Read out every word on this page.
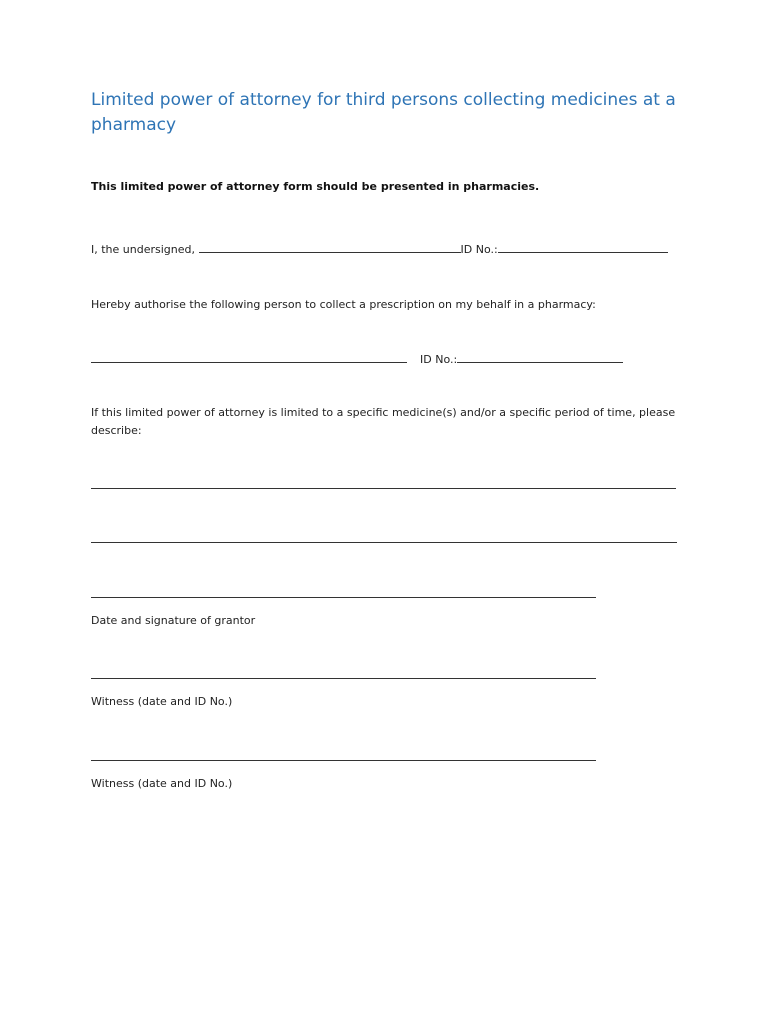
Limited power of attorney for third persons collecting medicines at a pharmacy
This limited power of attorney form should be presented in pharmacies.
I, the undersigned,	ID No.:
Hereby authorise the following person to collect a prescription on my behalf in a pharmacy:
ID No.:
If this limited power of attorney is limited to a specific medicine(s) and/or a specific period of time, please describe:
Date and signature of grantor
Witness (date and ID No.)
Witness (date and ID No.)
